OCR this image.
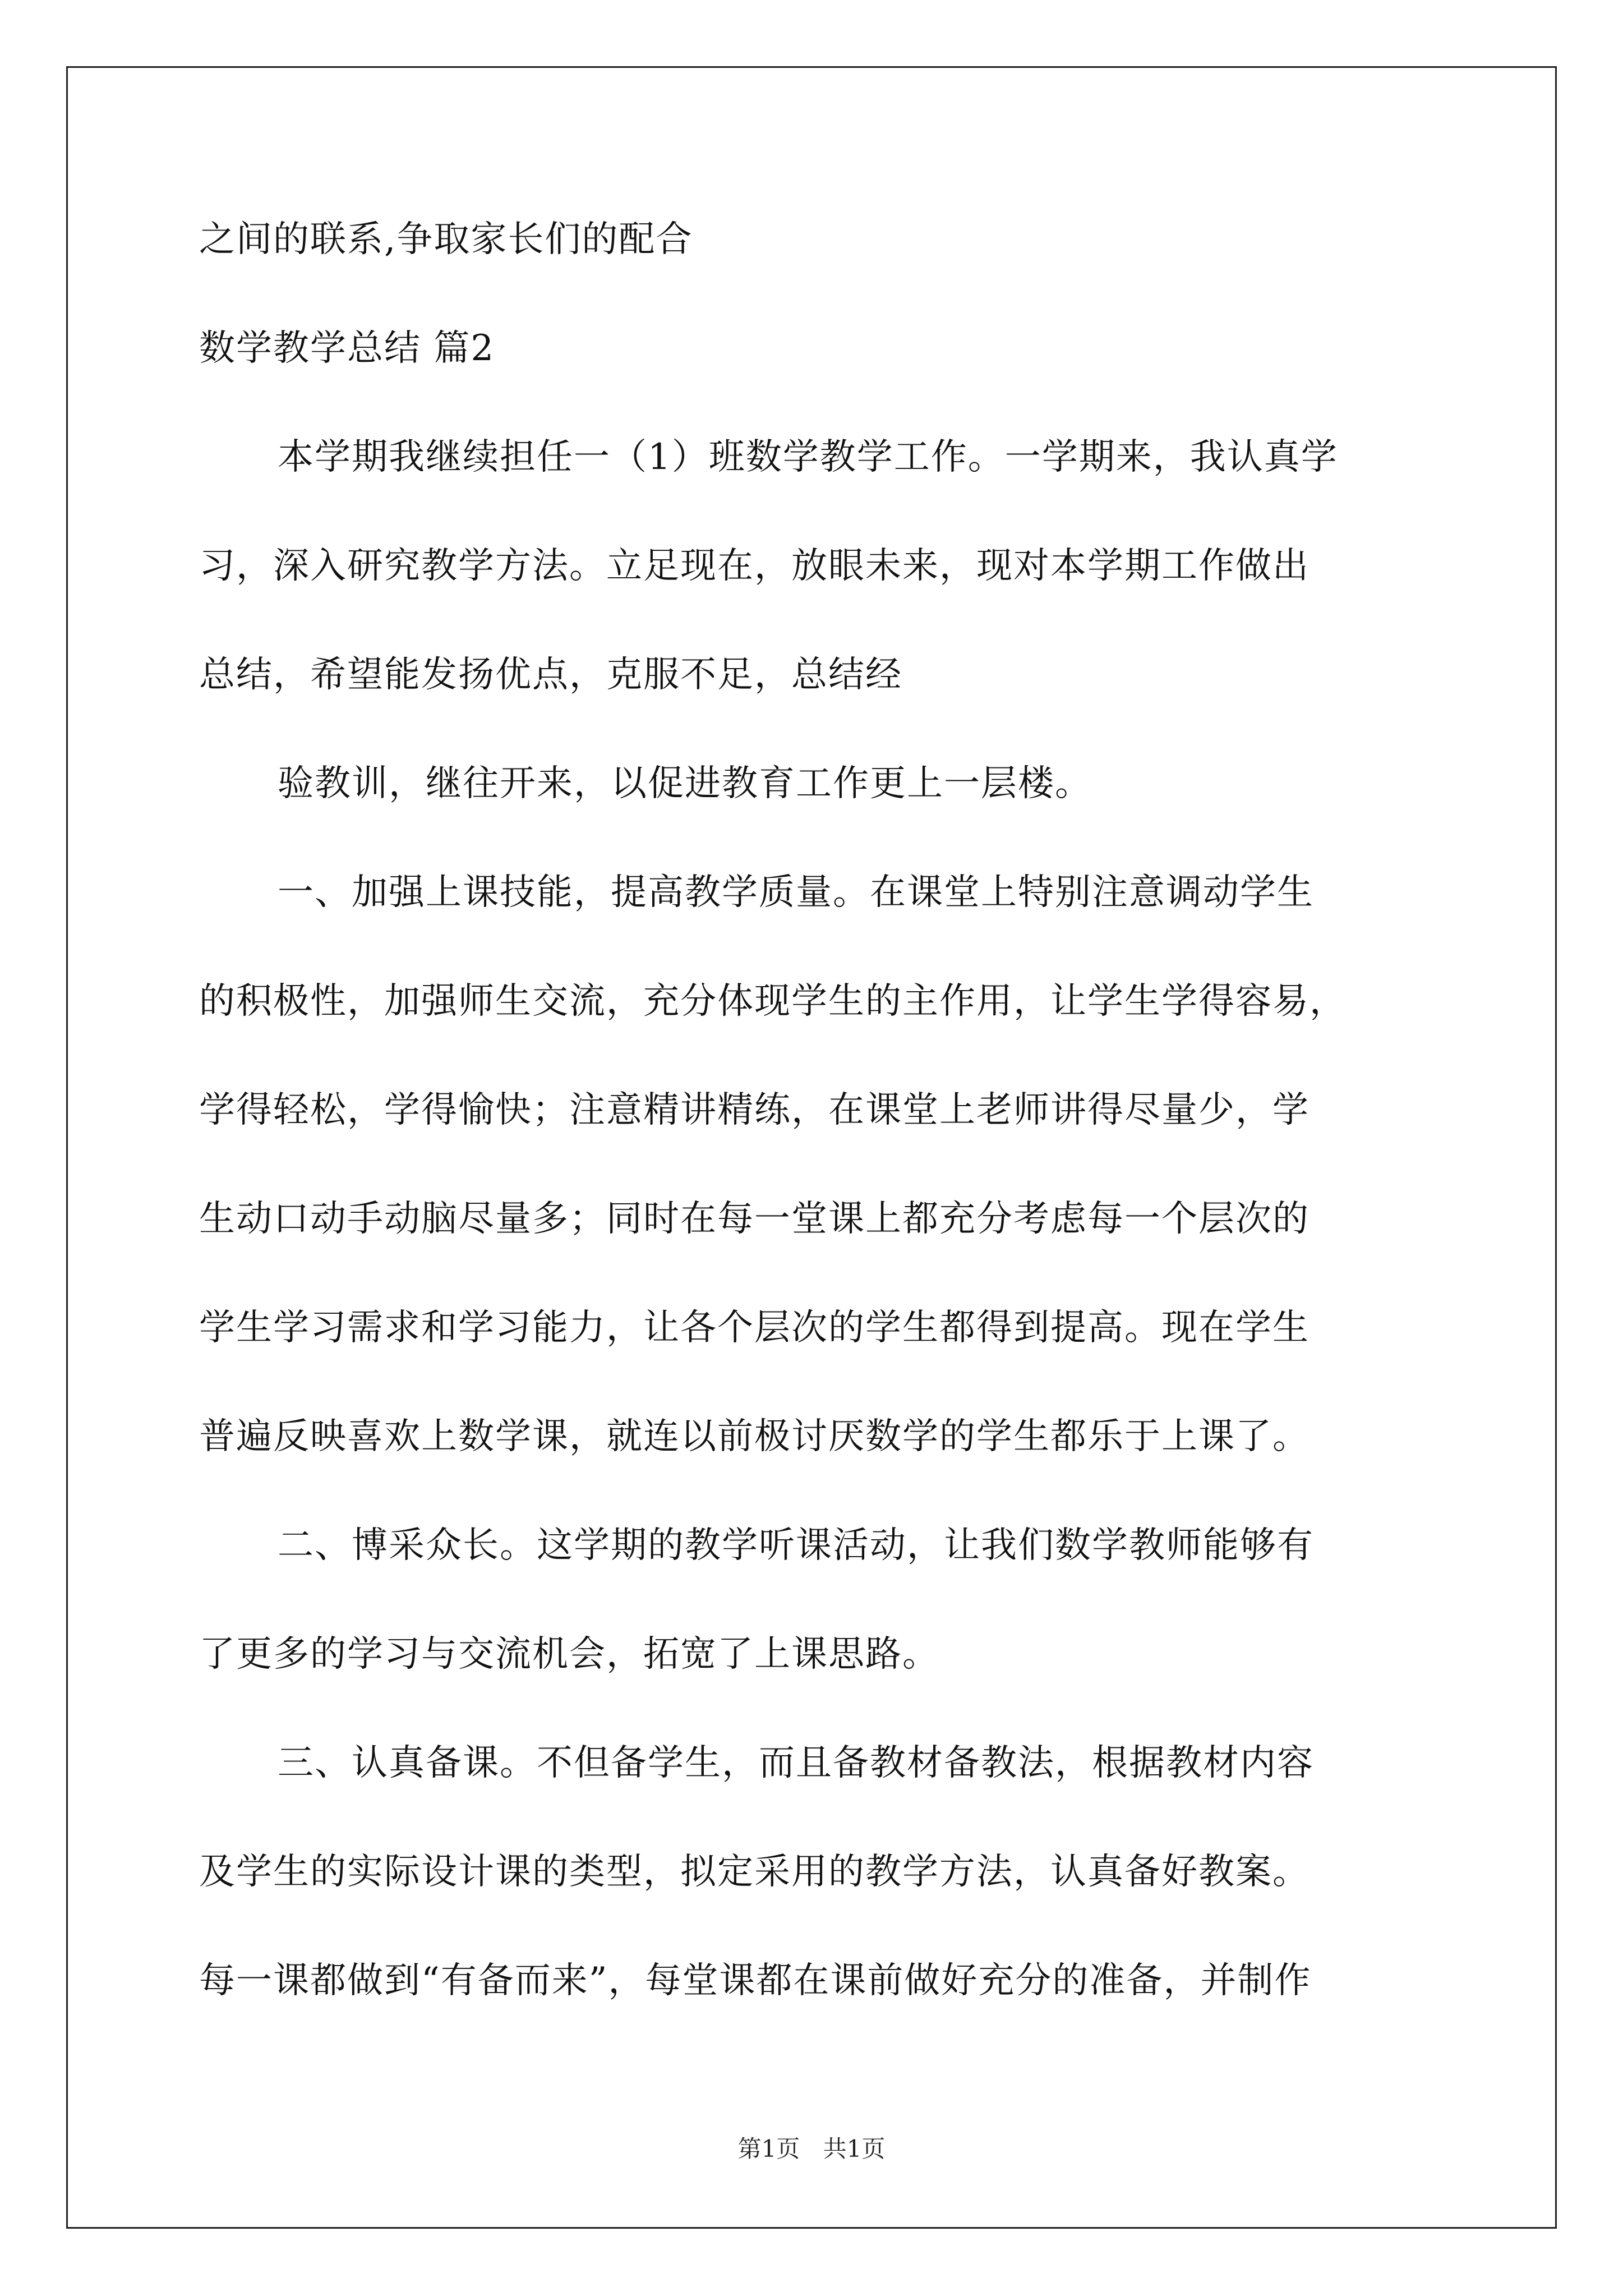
之间的联系,争取家长们的配合
数学教学总结 篇2
本学期我继续担任一（1）班数学教学工作。一学期来，我认真学
习，深入研究教学方法。立足现在，放眼未来，现对本学期工作做出
总结，希望能发扬优点，克服不足，总结经
验教训，继往开来，以促进教育工作更上一层楼。
一、加强上课技能，提高教学质量。在课堂上特别注意调动学生
的积极性，加强师生交流，充分体现学生的主作用，让学生学得容易，
学得轻松，学得愉快；注意精讲精练，在课堂上老师讲得尽量少，学
生动口动手动脑尽量多；同时在每一堂课上都充分考虑每一个层次的
学生学习需求和学习能力，让各个层次的学生都得到提高。现在学生
普遍反映喜欢上数学课，就连以前极讨厌数学的学生都乐于上课了。
二、博采众长。这学期的教学听课活动，让我们数学教师能够有
了更多的学习与交流机会，拓宽了上课思路。
三、认真备课。不但备学生，而且备教材备教法，根据教材内容
及学生的实际设计课的类型，拟定采用的教学方法，认真备好教案。
每一课都做到“有备而来”，每堂课都在课前做好充分的准备，并制作
第1页 共1页
